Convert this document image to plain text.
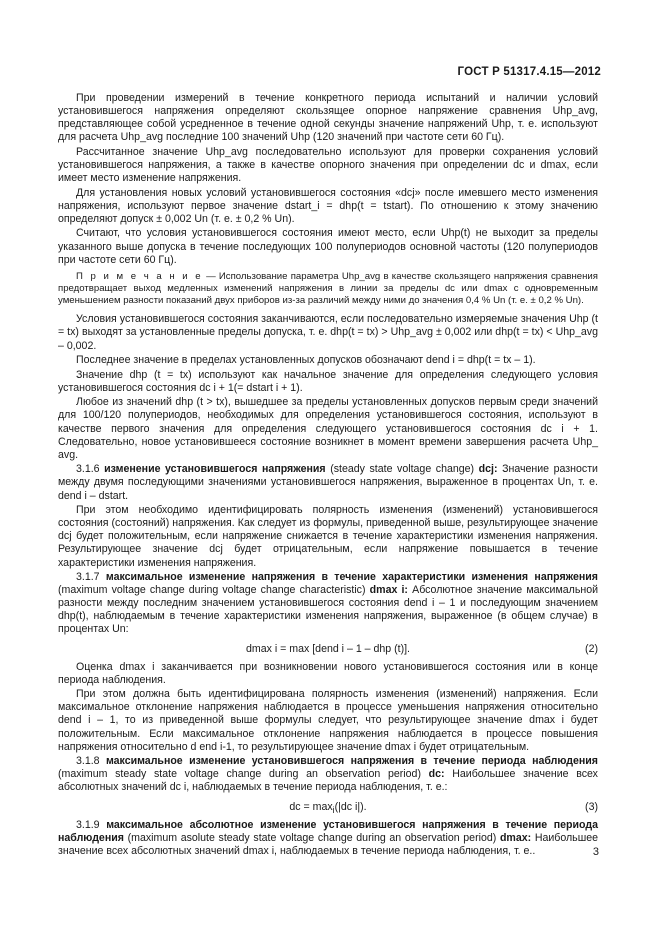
ГОСТ Р 51317.4.15—2012

При проведении измерений в течение конкретного периода испытаний и наличии условий установившегося напряжения определяют скользящее опорное напряжение сравнения Uhp_avg, представляющее собой усредненное в течение одной секунды значение напряжений Uhp, т. е. используют для расчета Uhp_avg последние 100 значений Uhp (120 значений при частоте сети 60 Гц).

Рассчитанное значение Uhp_avg последовательно используют для проверки сохранения условий установившегося напряжения, а также в качестве опорного значения при определении dc и dmax, если имеет место изменение напряжения.

Для установления новых условий установившегося состояния «dcj» после имевшего место изменения напряжения, используют первое значение dstart_i = dhp(t = tstart). По отношению к этому значению определяют допуск ± 0,002 Un (т. е. ± 0,2 % Un).

Считают, что условия установившегося состояния имеют место, если Uhp(t) не выходит за пределы указанного выше допуска в течение последующих 100 полупериодов основной частоты (120 полупериодов при частоте сети 60 Гц).

П р и м е ч а н и е — Использование параметра Uhp_avg в качестве скользящего напряжения сравнения предотвращает выход медленных изменений напряжения в линии за пределы dc или dmax с одновременным уменьшением разности показаний двух приборов из-за различий между ними до значения 0,4 % Un (т. е. ± 0,2 % Un).

Условия установившегося состояния заканчиваются, если последовательно измеряемые значения Uhp (t = tx) выходят за установленные пределы допуска, т. е. dhp(t = tx) > Uhp_avg ± 0,002 или dhp(t = tx) < Uhp_avg – 0,002.

Последнее значение в пределах установленных допусков обозначают dend i = dhp(t = tx – 1).

Значение dhp (t = tx) используют как начальное значение для определения следующего условия установившегося состояния dc i + 1(= dstart i + 1).

Любое из значений dhp (t > tx), вышедшее за пределы установленных допусков первым среди значений для 100/120 полупериодов, необходимых для определения установившегося состояния, используют в качестве первого значения для определения следующего установившегося состояния dc i + 1. Следовательно, новое установившееся состояние возникнет в момент времени завершения расчета Uhp_ avg.

3.1.6 изменение установившегося напряжения (steady state voltage change) dcj: Значение разности между двумя последующими значениями установившегося напряжения, выраженное в процентах Un, т. е. dend i – dstart.

При этом необходимо идентифицировать полярность изменения (изменений) установившегося состояния (состояний) напряжения. Как следует из формулы, приведенной выше, результирующее значение dcj будет положительным, если напряжение снижается в течение характеристики изменения напряжения. Результирующее значение dcj будет отрицательным, если напряжение повышается в течение характеристики изменения напряжения.

3.1.7 максимальное изменение напряжения в течение характеристики изменения напряжения (maximum voltage change during voltage change characteristic) dmax i: Абсолютное значение максимальной разности между последним значением установившегося состояния dend i – 1 и последующим значением dhp(t), наблюдаемым в течение характеристики изменения напряжения, выраженное (в общем случае) в процентах Un:

dmax i = max [dend i – 1 – dhp (t)].	(2)

Оценка dmax i заканчивается при возникновении нового установившегося состояния или в конце периода наблюдения.

При этом должна быть идентифицирована полярность изменения (изменений) напряжения. Если максимальное отклонение напряжения наблюдается в процессе уменьшения напряжения относительно dend i – 1, то из приведенной выше формулы следует, что результирующее значение dmax i будет положительным. Если максимальное отклонение напряжения наблюдается в процессе повышения напряжения относительно d end i-1, то результирующее значение dmax i будет отрицательным.

3.1.8 максимальное изменение установившегося напряжения в течение периода наблюдения (maximum steady state voltage change during an observation period) dc: Наибольшее значение всех абсолютных значений dc i, наблюдаемых в течение периода наблюдения, т. е.:

dc = $\max_i(|dc$ i|).	(3)

3.1.9 максимальное абсолютное изменение установившегося напряжения в течение периода наблюдения (maximum asolute steady state voltage change during an observation period) dmax: Наибольшее значение всех абсолютных значений dmax i, наблюдаемых в течение периода наблюдения, т. е..	3
